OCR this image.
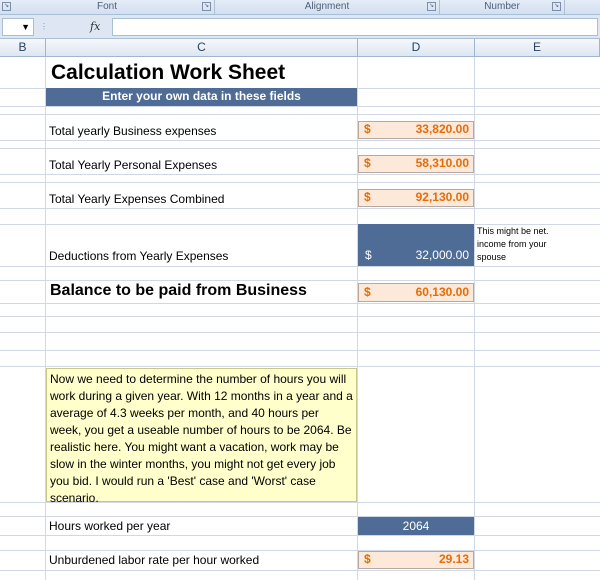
↘	Font	↘	Alignment	↘	Number	↘
▼	⋮	fx
B	C	D	E
Calculation Work Sheet
Enter your own data in these fields
Total yearly Business expenses	$	33,820.00
Total Yearly Personal Expenses	$	58,310.00
Total Yearly Expenses Combined	$	92,130.00
Deductions from Yearly Expenses	$	32,000.00
This might be net. income from your spouse
Balance to be paid from Business	$	60,130.00
Now we need to determine the number of hours you will work during a given year. With 12 months in a year and a average of 4.3 weeks per month, and 40 hours per week, you get a useable number of hours to be 2064. Be realistic here. You might want a vacation, work may be slow in the winter months, you might not get every job you bid. I would run a 'Best' case and 'Worst' case scenario.
Hours worked per year	2064
Unburdened labor rate per hour worked	$	29.13
